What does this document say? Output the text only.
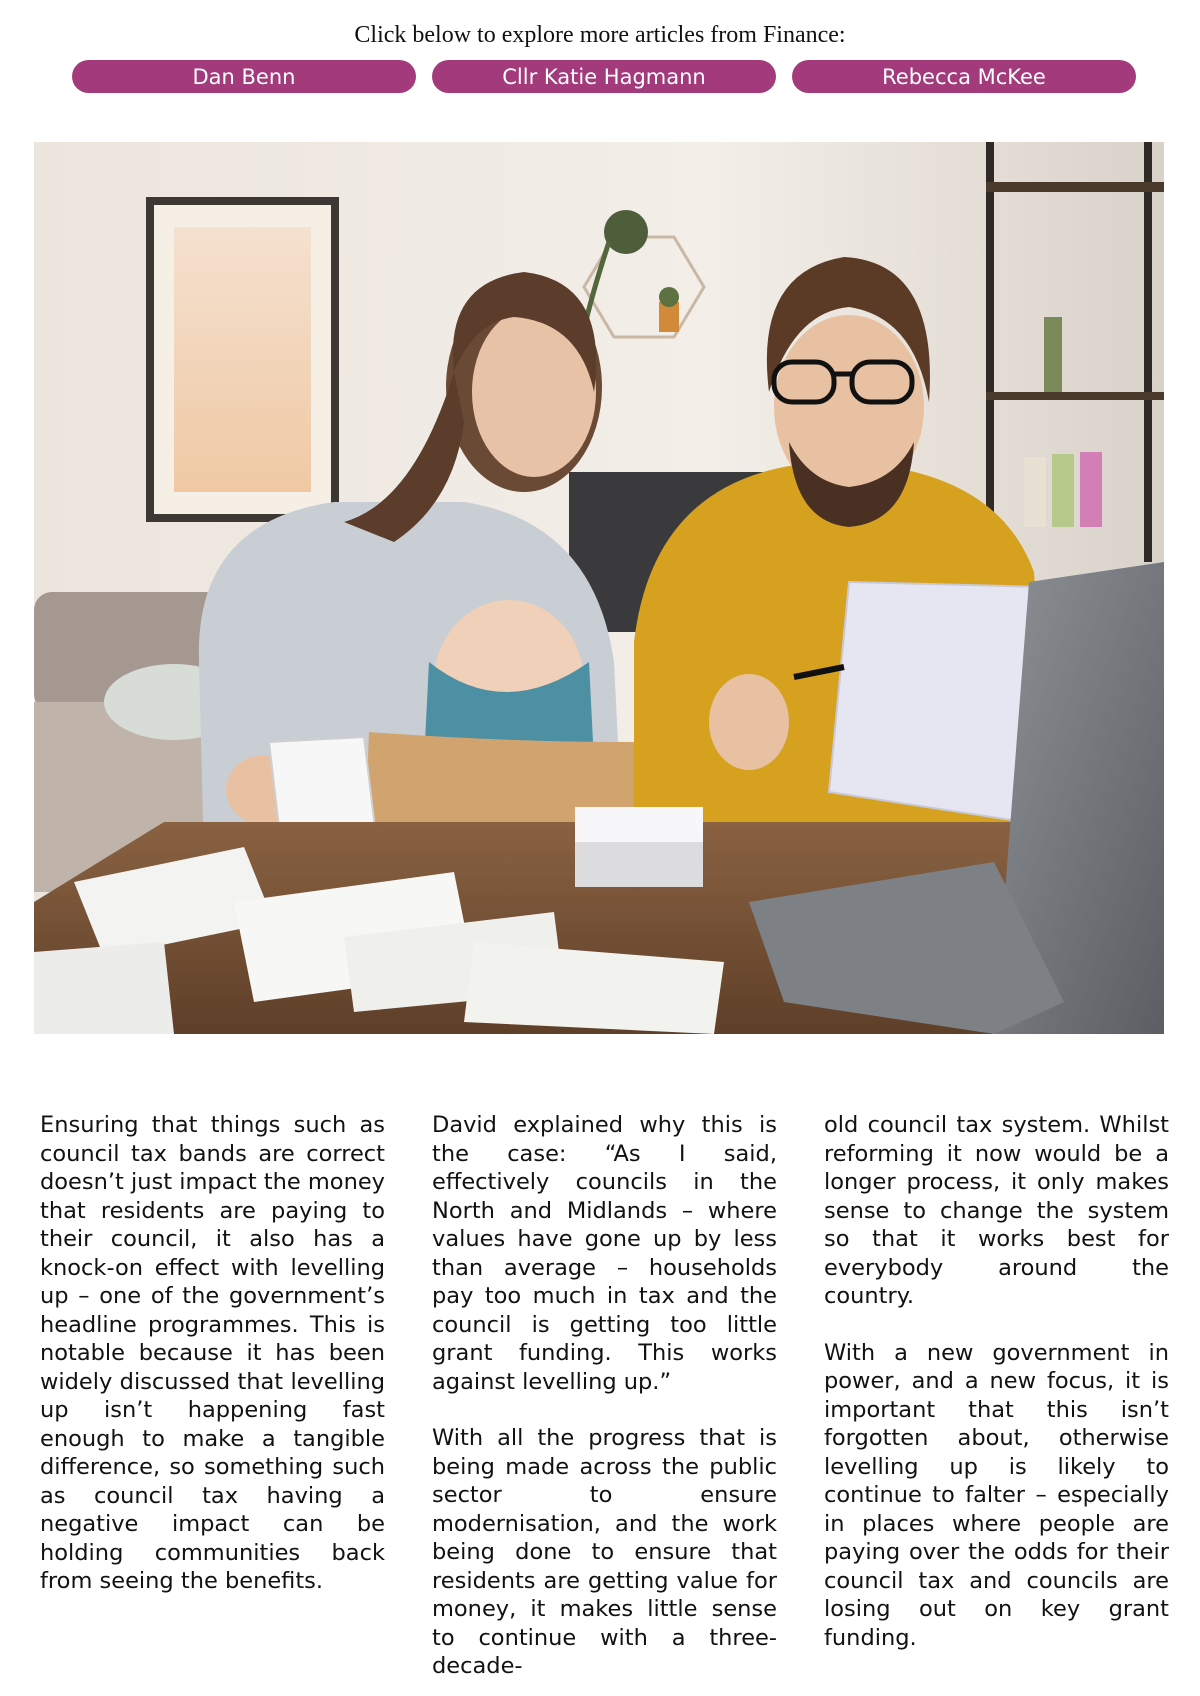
Click below to explore more articles from Finance:
Dan Benn	Cllr Katie Hagmann	Rebecca McKee

Ensuring that things such as council tax bands are correct doesn’t just impact the money that residents are paying to their council, it also has a knock-on effect with levelling up – one of the government’s headline programmes. This is notable because it has been widely discussed that levelling up isn’t happening fast enough to make a tangible difference, so something such as council tax having a negative impact can be holding communities back from seeing the benefits.

David explained why this is the case: “As I said, effectively councils in the North and Midlands – where values have gone up by less than average – households pay too much in tax and the council is getting too little grant funding. This works against levelling up.”

With all the progress that is being made across the public sector to ensure modernisation, and the work being done to ensure that residents are getting value for money, it makes little sense to continue with a three-decade-

old council tax system. Whilst reforming it now would be a longer process, it only makes sense to change the system so that it works best for everybody around the country.

With a new government in power, and a new focus, it is important that this isn’t forgotten about, otherwise levelling up is likely to continue to falter – especially in places where people are paying over the odds for their council tax and councils are losing out on key grant funding.
